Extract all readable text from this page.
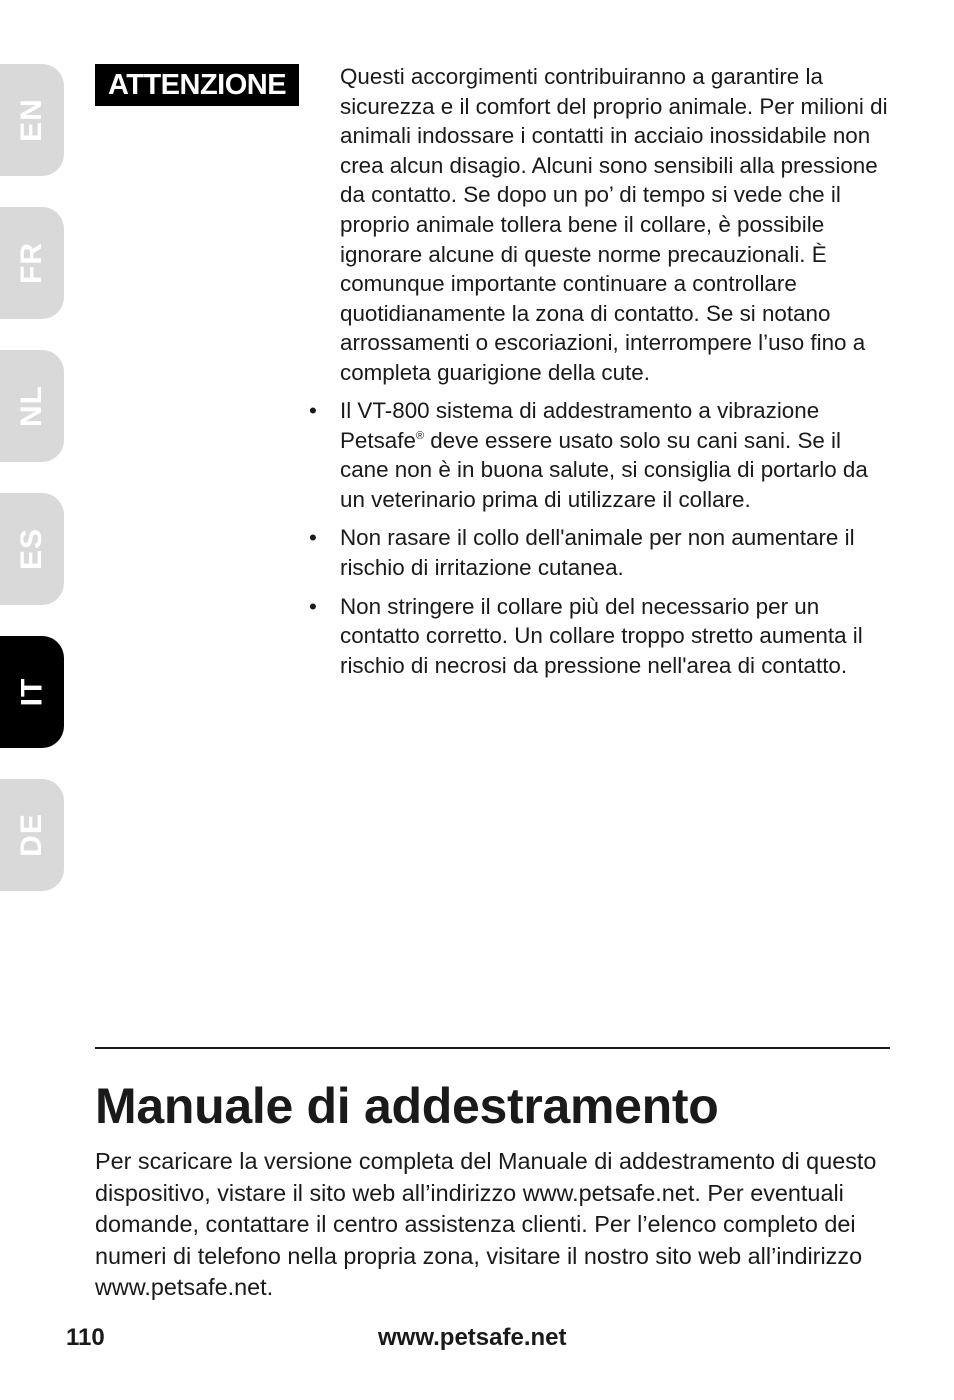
EN
FR
NL
ES
IT
DE
ATTENZIONE	Questi accorgimenti contribuiranno a garantire la sicurezza e il comfort del proprio animale. Per milioni di animali indossare i contatti in acciaio inossidabile non crea alcun disagio. Alcuni sono sensibili alla pressione da contatto. Se dopo un po’ di tempo si vede che il proprio animale tollera bene il collare, è possibile ignorare alcune di queste norme precauzionali. È comunque importante continuare a controllare quotidianamente la zona di contatto. Se si notano arrossamenti o escoriazioni, interrompere l’uso fino a completa guarigione della cute.

• Il VT-800 sistema di addestramento a vibrazione Petsafe® deve essere usato solo su cani sani. Se il cane non è in buona salute, si consiglia di portarlo da un veterinario prima di utilizzare il collare.
• Non rasare il collo dell'animale per non aumentare il rischio di irritazione cutanea.
• Non stringere il collare più del necessario per un contatto corretto. Un collare troppo stretto aumenta il rischio di necrosi da pressione nell'area di contatto.
Manuale di addestramento

Per scaricare la versione completa del Manuale di addestramento di questo dispositivo, vistare il sito web all’indirizzo www.petsafe.net. Per eventuali domande, contattare il centro assistenza clienti. Per l’elenco completo dei numeri di telefono nella propria zona, visitare il nostro sito web all’indirizzo www.petsafe.net.

110	www.petsafe.net
